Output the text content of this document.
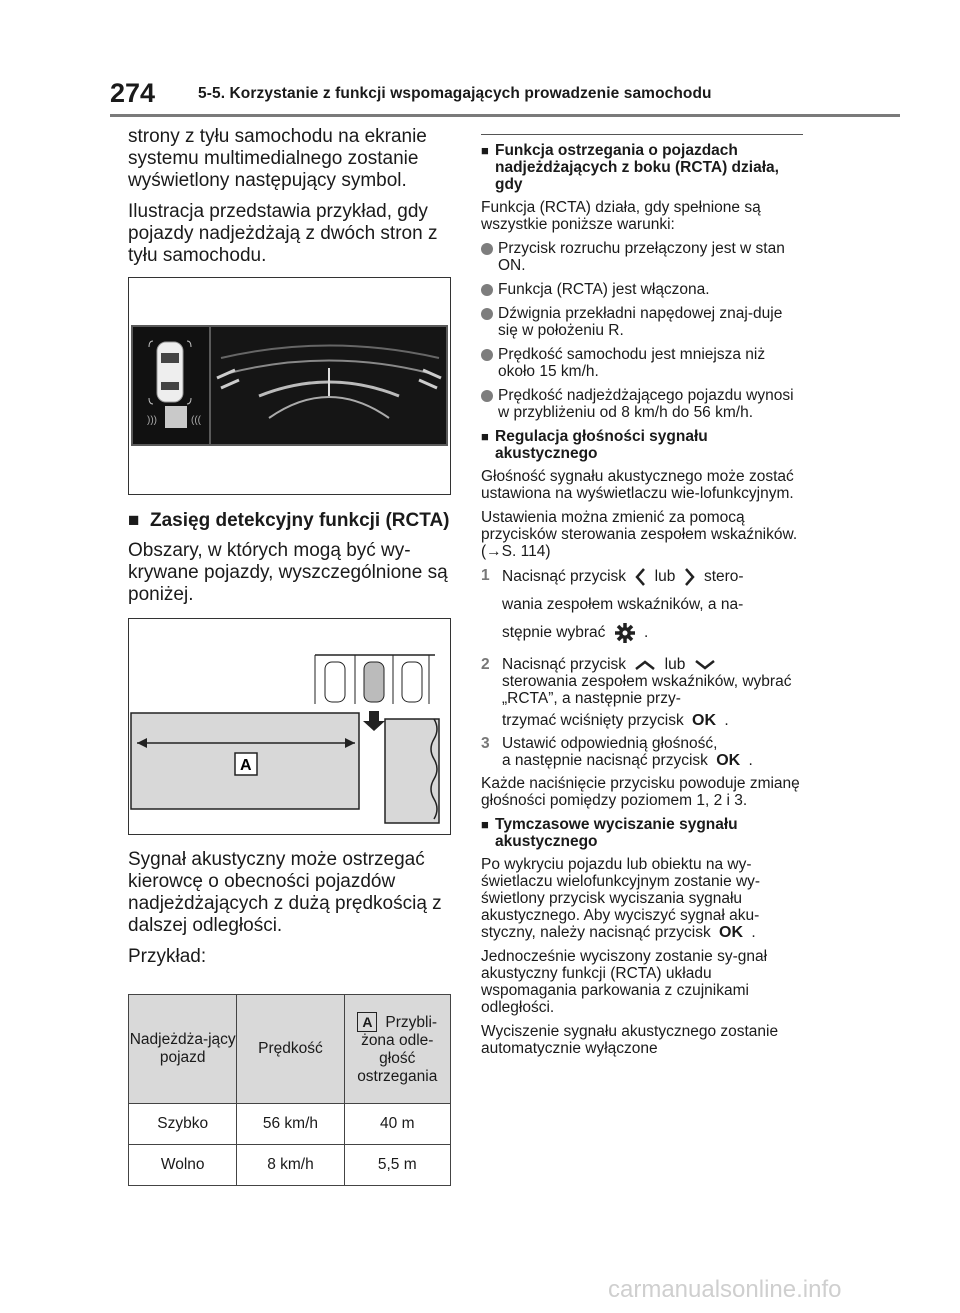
274	5-5. Korzystanie z funkcji wspomagających prowadzenie samochodu

strony z tyłu samochodu na ekranie systemu multimedialnego zostanie wyświetlony następujący symbol.

Ilustracja przedstawia przykład, gdy pojazdy nadjeżdżają z dwóch stron z tyłu samochodu.

)))	(((
■ Zasięg detekcyjny funkcji (RCTA)

Obszary, w których mogą być wy-krywane pojazdy, wyszczególnione są poniżej.

A

Sygnał akustyczny może ostrzegać kierowcę o obecności pojazdów nadjeżdżających z dużą prędkością z dalszej odległości.

Przykład:

Nadjeżdża-jący pojazd	Prędkość	A Przybli-żona odle-głość ostrzegania

Szybko	56 km/h	40 m
Wolno	8 km/h	5,5 m
■ Funkcja ostrzegania o pojazdach nadjeżdżających z boku (RCTA) działa, gdy

Funkcja (RCTA) działa, gdy spełnione są wszystkie poniższe warunki:

Przycisk rozruchu przełączony jest w stan ON.
Funkcja (RCTA) jest włączona.
Dźwignia przekładni napędowej znaj-duje się w położeniu R.
Prędkość samochodu jest mniejsza niż około 15 km/h.
Prędkość nadjeżdżającego pojazdu wynosi w przybliżeniu od 8 km/h do 56 km/h.
■ Regulacja głośności sygnału akustycznego

Głośność sygnału akustycznego może zostać ustawiona na wyświetlaczu wie-lofunkcyjnym.

Ustawienia można zmienić za pomocą przycisków sterowania zespołem wskaźników. (→S. 114)

1 Nacisnąć przycisk lub stero-
wania zespołem wskaźników, a na-
stępnie wybrać .
2 Nacisnąć przycisk lub
sterowania zespołem wskaźników, wybrać „RCTA”, a następnie przy-
trzymać wciśnięty przycisk OK .
3 Ustawić odpowiednią głośność,
a następnie nacisnąć przycisk OK .

Każde naciśnięcie przycisku powoduje zmianę głośności pomiędzy poziomem 1, 2 i 3.

■ Tymczasowe wyciszanie sygnału akustycznego

Po wykryciu pojazdu lub obiektu na wy-świetlaczu wielofunkcyjnym zostanie wy-świetlony przycisk wyciszania sygnału akustycznego. Aby wyciszyć sygnał aku-styczny, należy nacisnąć przycisk OK .

Jednocześnie wyciszony zostanie sy-gnał akustyczny funkcji (RCTA) układu wspomagania parkowania z czujnikami odległości.

Wyciszenie sygnału akustycznego zostanie automatycznie wyłączone

carmanualsonline.info
